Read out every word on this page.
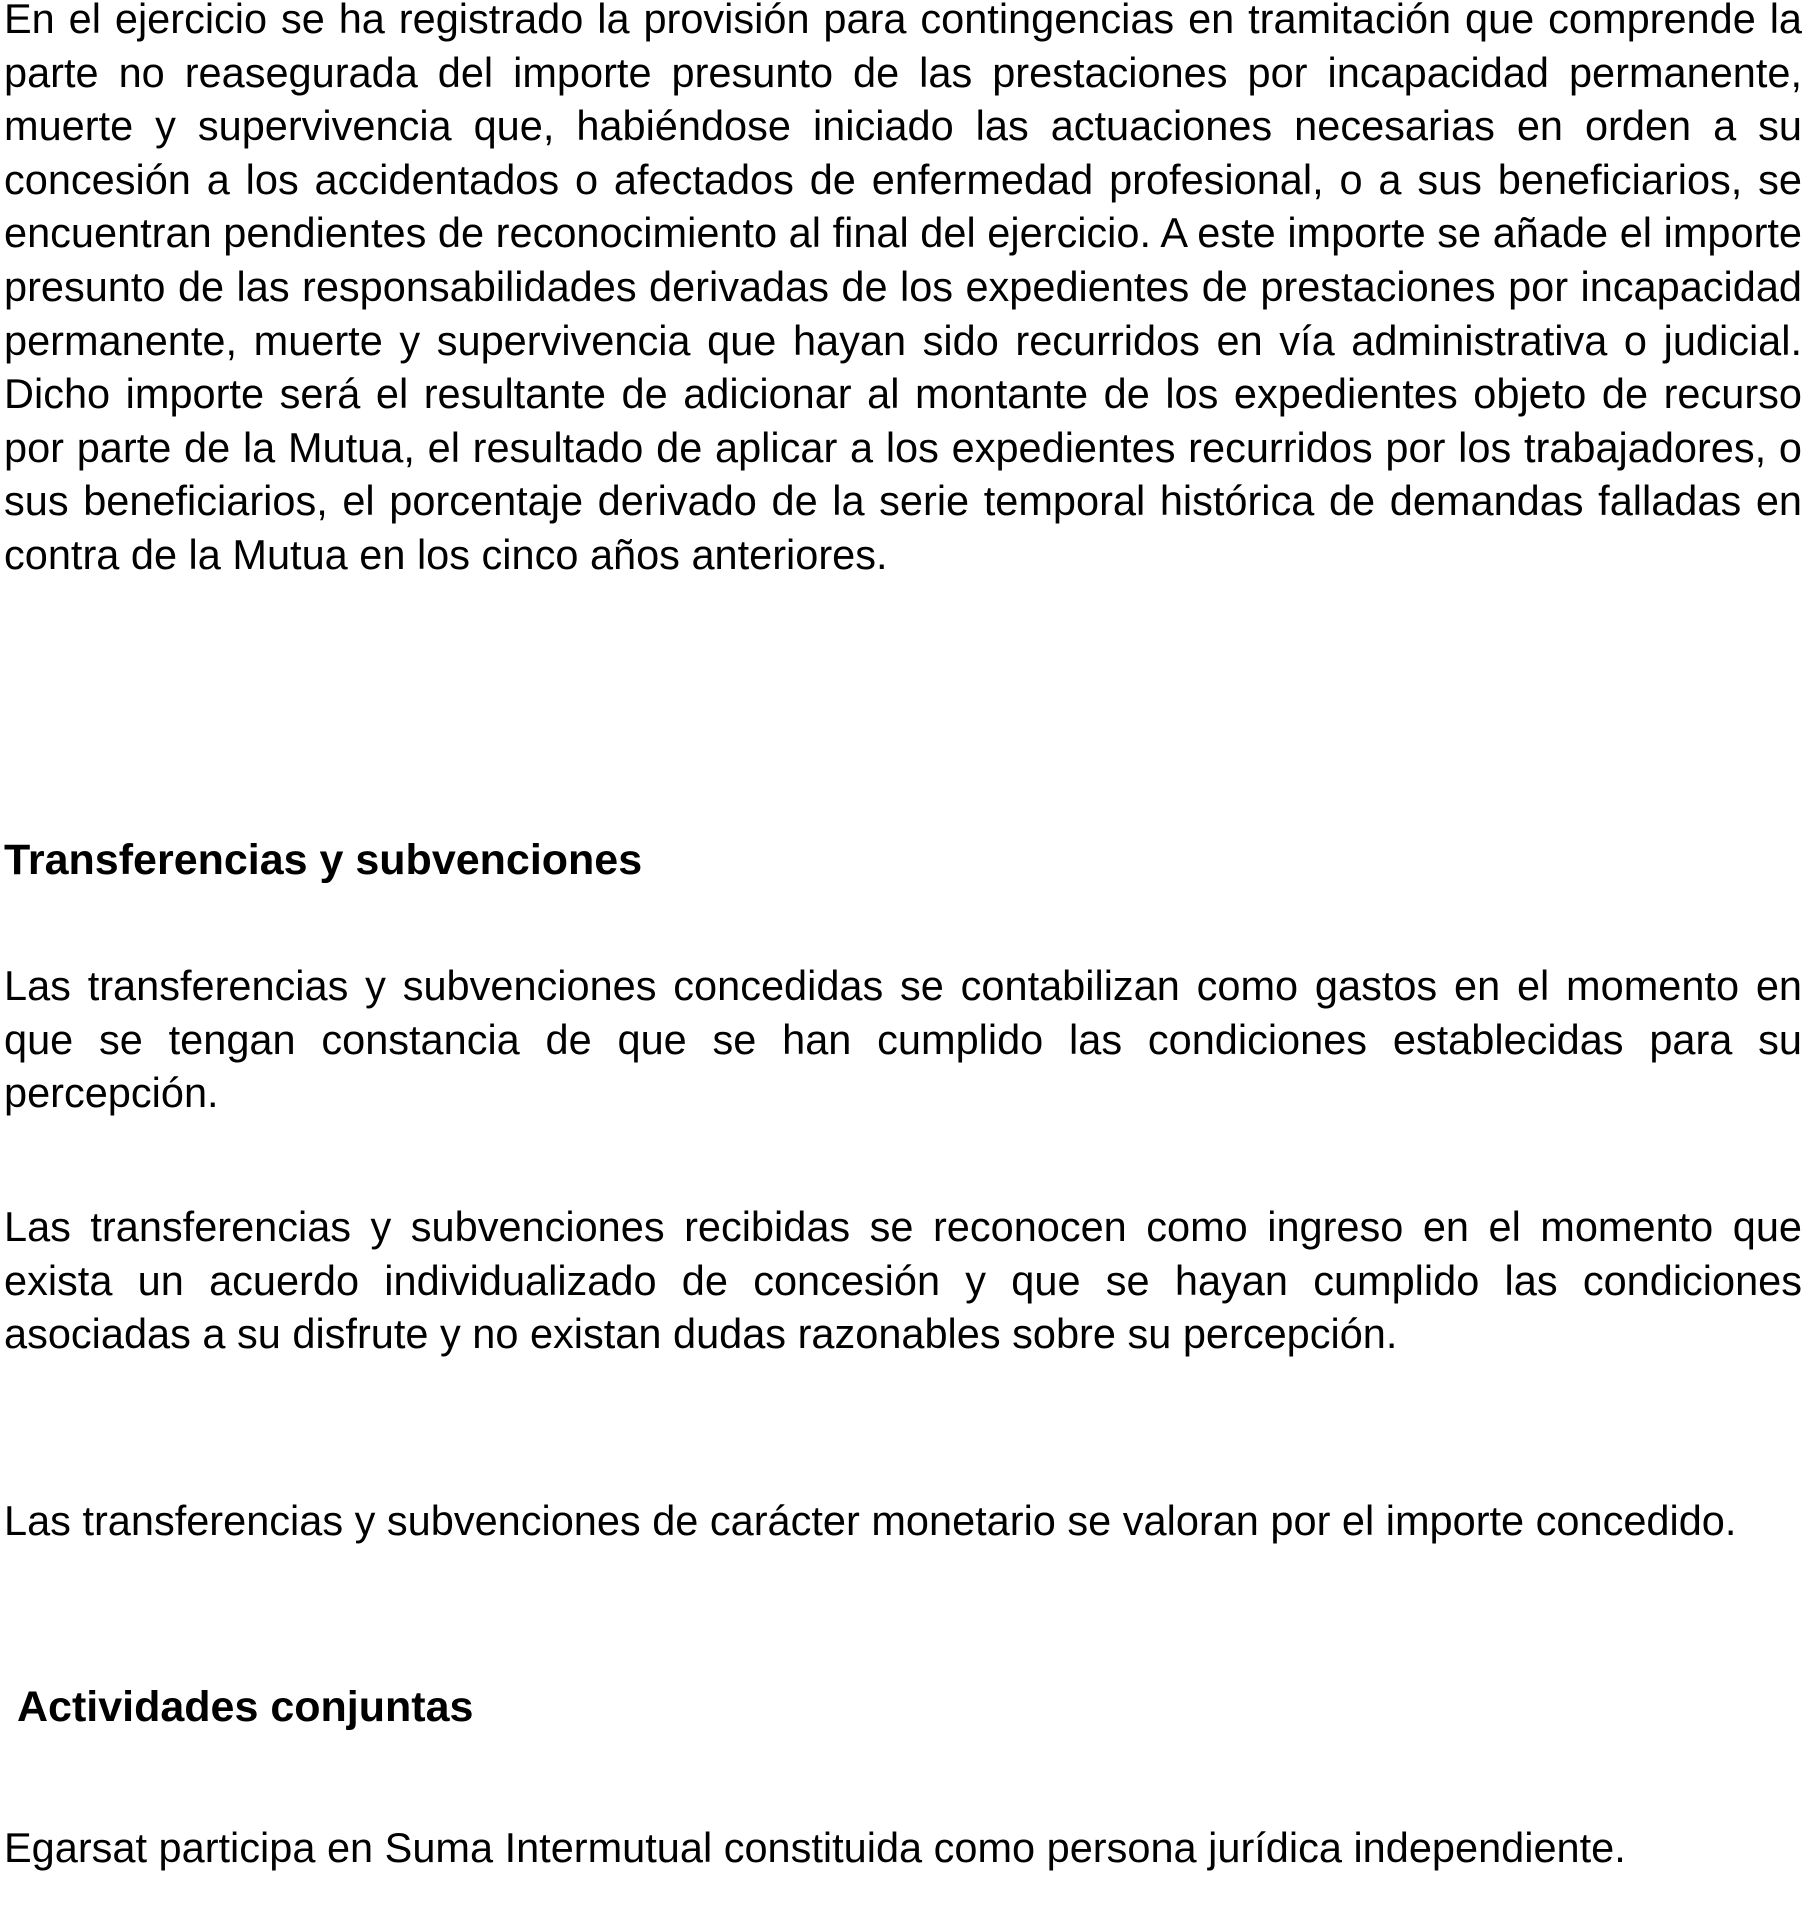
En el ejercicio se ha registrado la provisión para contingencias en tramitación que comprende la parte no reasegurada del importe presunto de las prestaciones por incapacidad permanente, muerte y supervivencia que, habiéndose iniciado las actuaciones necesarias en orden a su concesión a los accidentados o afectados de enfermedad profesional, o a sus beneficiarios, se encuentran pendientes de reconocimiento al final del ejercicio. A este importe se añade el importe presunto de las responsabilidades derivadas de los expedientes de prestaciones por incapacidad permanente, muerte y supervivencia que hayan sido recurridos en vía administrativa o judicial. Dicho importe será el resultante de adicionar al montante de los expedientes objeto de recurso por parte de la Mutua, el resultado de aplicar a los expedientes recurridos por los trabajadores, o sus beneficiarios, el porcentaje derivado de la serie temporal histórica de demandas falladas en contra de la Mutua en los cinco años anteriores.

Transferencias y subvenciones

Las transferencias y subvenciones concedidas se contabilizan como gastos en el momento en que se tengan constancia de que se han cumplido las condiciones establecidas para su percepción.

Las transferencias y subvenciones recibidas se reconocen como ingreso en el momento que exista un acuerdo individualizado de concesión y que se hayan cumplido las condiciones asociadas a su disfrute y no existan dudas razonables sobre su percepción.

Las transferencias y subvenciones de carácter monetario se valoran por el importe concedido.

Actividades conjuntas

Egarsat participa en Suma Intermutual constituida como persona jurídica independiente.
